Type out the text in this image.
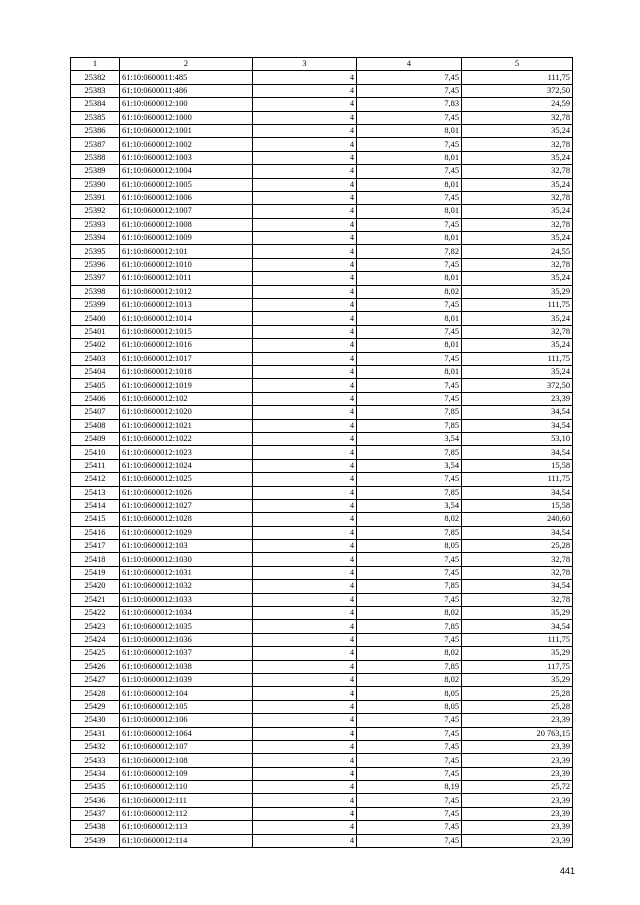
1	2	3	4	5
25382	61:10:0600011:485	4	7,45	111,75
25383	61:10:0600011:486	4	7,45	372,50
25384	61:10:0600012:100	4	7,83	24,59
25385	61:10:0600012:1000	4	7,45	32,78
25386	61:10:0600012:1001	4	8,01	35,24
25387	61:10:0600012:1002	4	7,45	32,78
25388	61:10:0600012:1003	4	8,01	35,24
25389	61:10:0600012:1004	4	7,45	32,78
25390	61:10:0600012:1005	4	8,01	35,24
25391	61:10:0600012:1006	4	7,45	32,78
25392	61:10:0600012:1007	4	8,01	35,24
25393	61:10:0600012:1008	4	7,45	32,78
25394	61:10:0600012:1009	4	8,01	35,24
25395	61:10:0600012:101	4	7,82	24,55
25396	61:10:0600012:1010	4	7,45	32,78
25397	61:10:0600012:1011	4	8,01	35,24
25398	61:10:0600012:1012	4	8,02	35,29
25399	61:10:0600012:1013	4	7,45	111,75
25400	61:10:0600012:1014	4	8,01	35,24
25401	61:10:0600012:1015	4	7,45	32,78
25402	61:10:0600012:1016	4	8,01	35,24
25403	61:10:0600012:1017	4	7,45	111,75
25404	61:10:0600012:1018	4	8,01	35,24
25405	61:10:0600012:1019	4	7,45	372,50
25406	61:10:0600012:102	4	7,45	23,39
25407	61:10:0600012:1020	4	7,85	34,54
25408	61:10:0600012:1021	4	7,85	34,54
25409	61:10:0600012:1022	4	3,54	53,10
25410	61:10:0600012:1023	4	7,85	34,54
25411	61:10:0600012:1024	4	3,54	15,58
25412	61:10:0600012:1025	4	7,45	111,75
25413	61:10:0600012:1026	4	7,85	34,54
25414	61:10:0600012:1027	4	3,54	15,58
25415	61:10:0600012:1028	4	8,02	240,60
25416	61:10:0600012:1029	4	7,85	34,54
25417	61:10:0600012:103	4	8,05	25,28
25418	61:10:0600012:1030	4	7,45	32,78
25419	61:10:0600012:1031	4	7,45	32,78
25420	61:10:0600012:1032	4	7,85	34,54
25421	61:10:0600012:1033	4	7,45	32,78
25422	61:10:0600012:1034	4	8,02	35,29
25423	61:10:0600012:1035	4	7,85	34,54
25424	61:10:0600012:1036	4	7,45	111,75
25425	61:10:0600012:1037	4	8,02	35,29
25426	61:10:0600012:1038	4	7,85	117,75
25427	61:10:0600012:1039	4	8,02	35,29
25428	61:10:0600012:104	4	8,05	25,28
25429	61:10:0600012:105	4	8,05	25,28
25430	61:10:0600012:106	4	7,45	23,39
25431	61:10:0600012:1064	4	7,45	20 763,15
25432	61:10:0600012:107	4	7,45	23,39
25433	61:10:0600012:108	4	7,45	23,39
25434	61:10:0600012:109	4	7,45	23,39
25435	61:10:0600012:110	4	8,19	25,72
25436	61:10:0600012:111	4	7,45	23,39
25437	61:10:0600012:112	4	7,45	23,39
25438	61:10:0600012:113	4	7,45	23,39
25439	61:10:0600012:114	4	7,45	23,39
441
